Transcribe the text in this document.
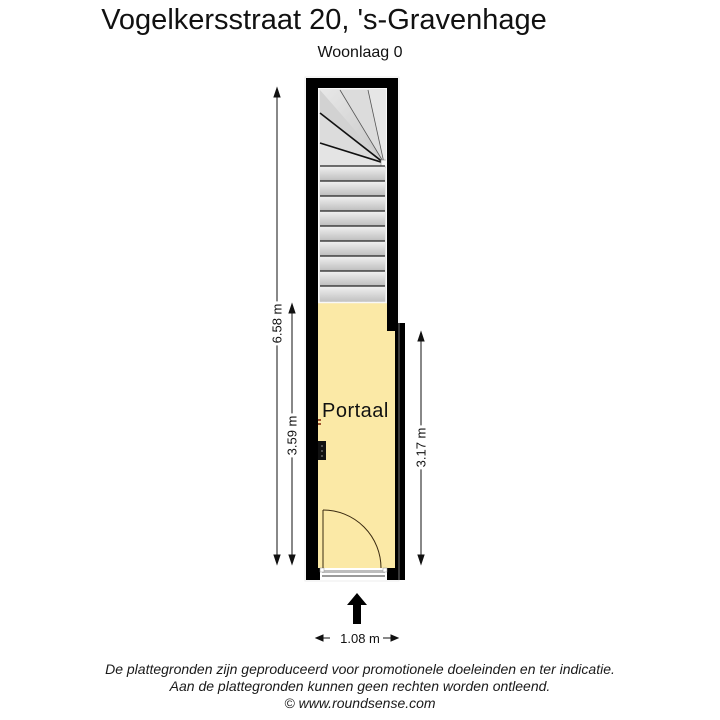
Vogelkersstraat 20, 's-Gravenhage
Woonlaag 0
Portaal
6.58 m
3.59 m	3.17 m
1.08 m
De plattegronden zijn geproduceerd voor promotionele doeleinden en ter indicatie.
Aan de plattegronden kunnen geen rechten worden ontleend.
© www.roundsense.com
